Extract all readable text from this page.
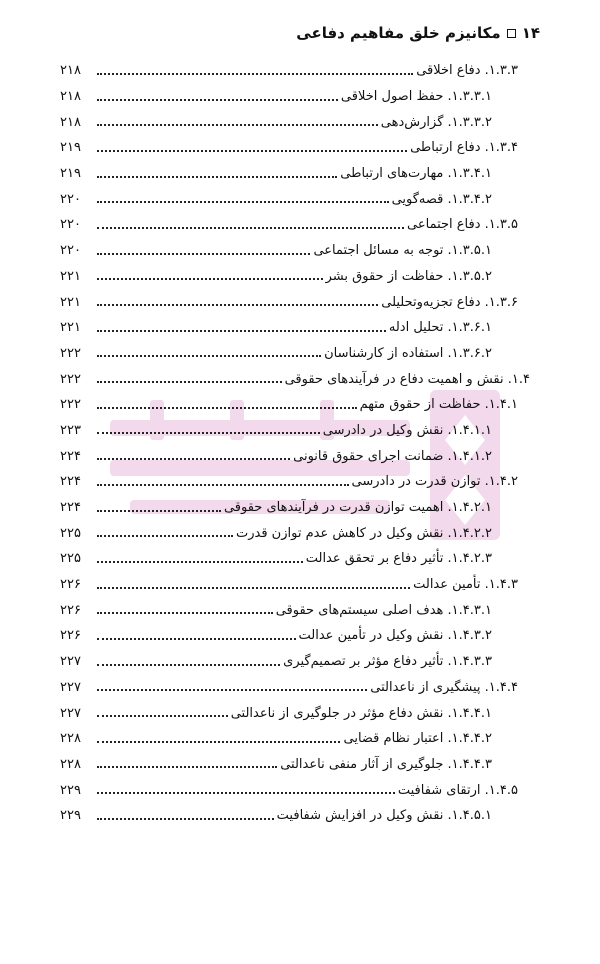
۱۴
مکانیزم خلق مفاهیم دفاعی
۱.۳.۳. دفاع اخلاقی
۲۱۸
۱.۳.۳.۱. حفظ اصول اخلاقی
۲۱۸
۱.۳.۳.۲. گزارش‌دهی
۲۱۸
۱.۳.۴. دفاع ارتباطی
۲۱۹
۱.۳.۴.۱. مهارت‌های ارتباطی
۲۱۹
۱.۳.۴.۲. قصه‌گویی
۲۲۰
۱.۳.۵. دفاع اجتماعی
۲۲۰
۱.۳.۵.۱. توجه به مسائل اجتماعی
۲۲۰
۱.۳.۵.۲. حفاظت از حقوق بشر
۲۲۱
۱.۳.۶. دفاع تجزیه‌وتحلیلی
۲۲۱
۱.۳.۶.۱. تحلیل ادله
۲۲۱
۱.۳.۶.۲. استفاده از کارشناسان
۲۲۲
۱.۴. نقش و اهمیت دفاع در فرآیندهای حقوقی
۲۲۲
۱.۴.۱. حفاظت از حقوق متهم
۲۲۲
۱.۴.۱.۱. نقش وکیل در دادرسی
۲۲۳
۱.۴.۱.۲. ضمانت اجرای حقوق قانونی
۲۲۴
۱.۴.۲. توازن قدرت در دادرسی
۲۲۴
۱.۴.۲.۱. اهمیت توازن قدرت در فرآیندهای حقوقی
۲۲۴
۱.۴.۲.۲. نقش وکیل در کاهش عدم توازن قدرت
۲۲۵
۱.۴.۲.۳. تأثیر دفاع بر تحقق عدالت
۲۲۵
۱.۴.۳. تأمین عدالت
۲۲۶
۱.۴.۳.۱. هدف اصلی سیستم‌های حقوقی
۲۲۶
۱.۴.۳.۲. نقش وکیل در تأمین عدالت
۲۲۶
۱.۴.۳.۳. تأثیر دفاع مؤثر بر تصمیم‌گیری
۲۲۷
۱.۴.۴. پیشگیری از ناعدالتی
۲۲۷
۱.۴.۴.۱. نقش دفاع مؤثر در جلوگیری از ناعدالتی
۲۲۷
۱.۴.۴.۲. اعتبار نظام قضایی
۲۲۸
۱.۴.۴.۳. جلوگیری از آثار منفی ناعدالتی
۲۲۸
۱.۴.۵. ارتقای شفافیت
۲۲۹
۱.۴.۵.۱. نقش وکیل در افزایش شفافیت
۲۲۹
